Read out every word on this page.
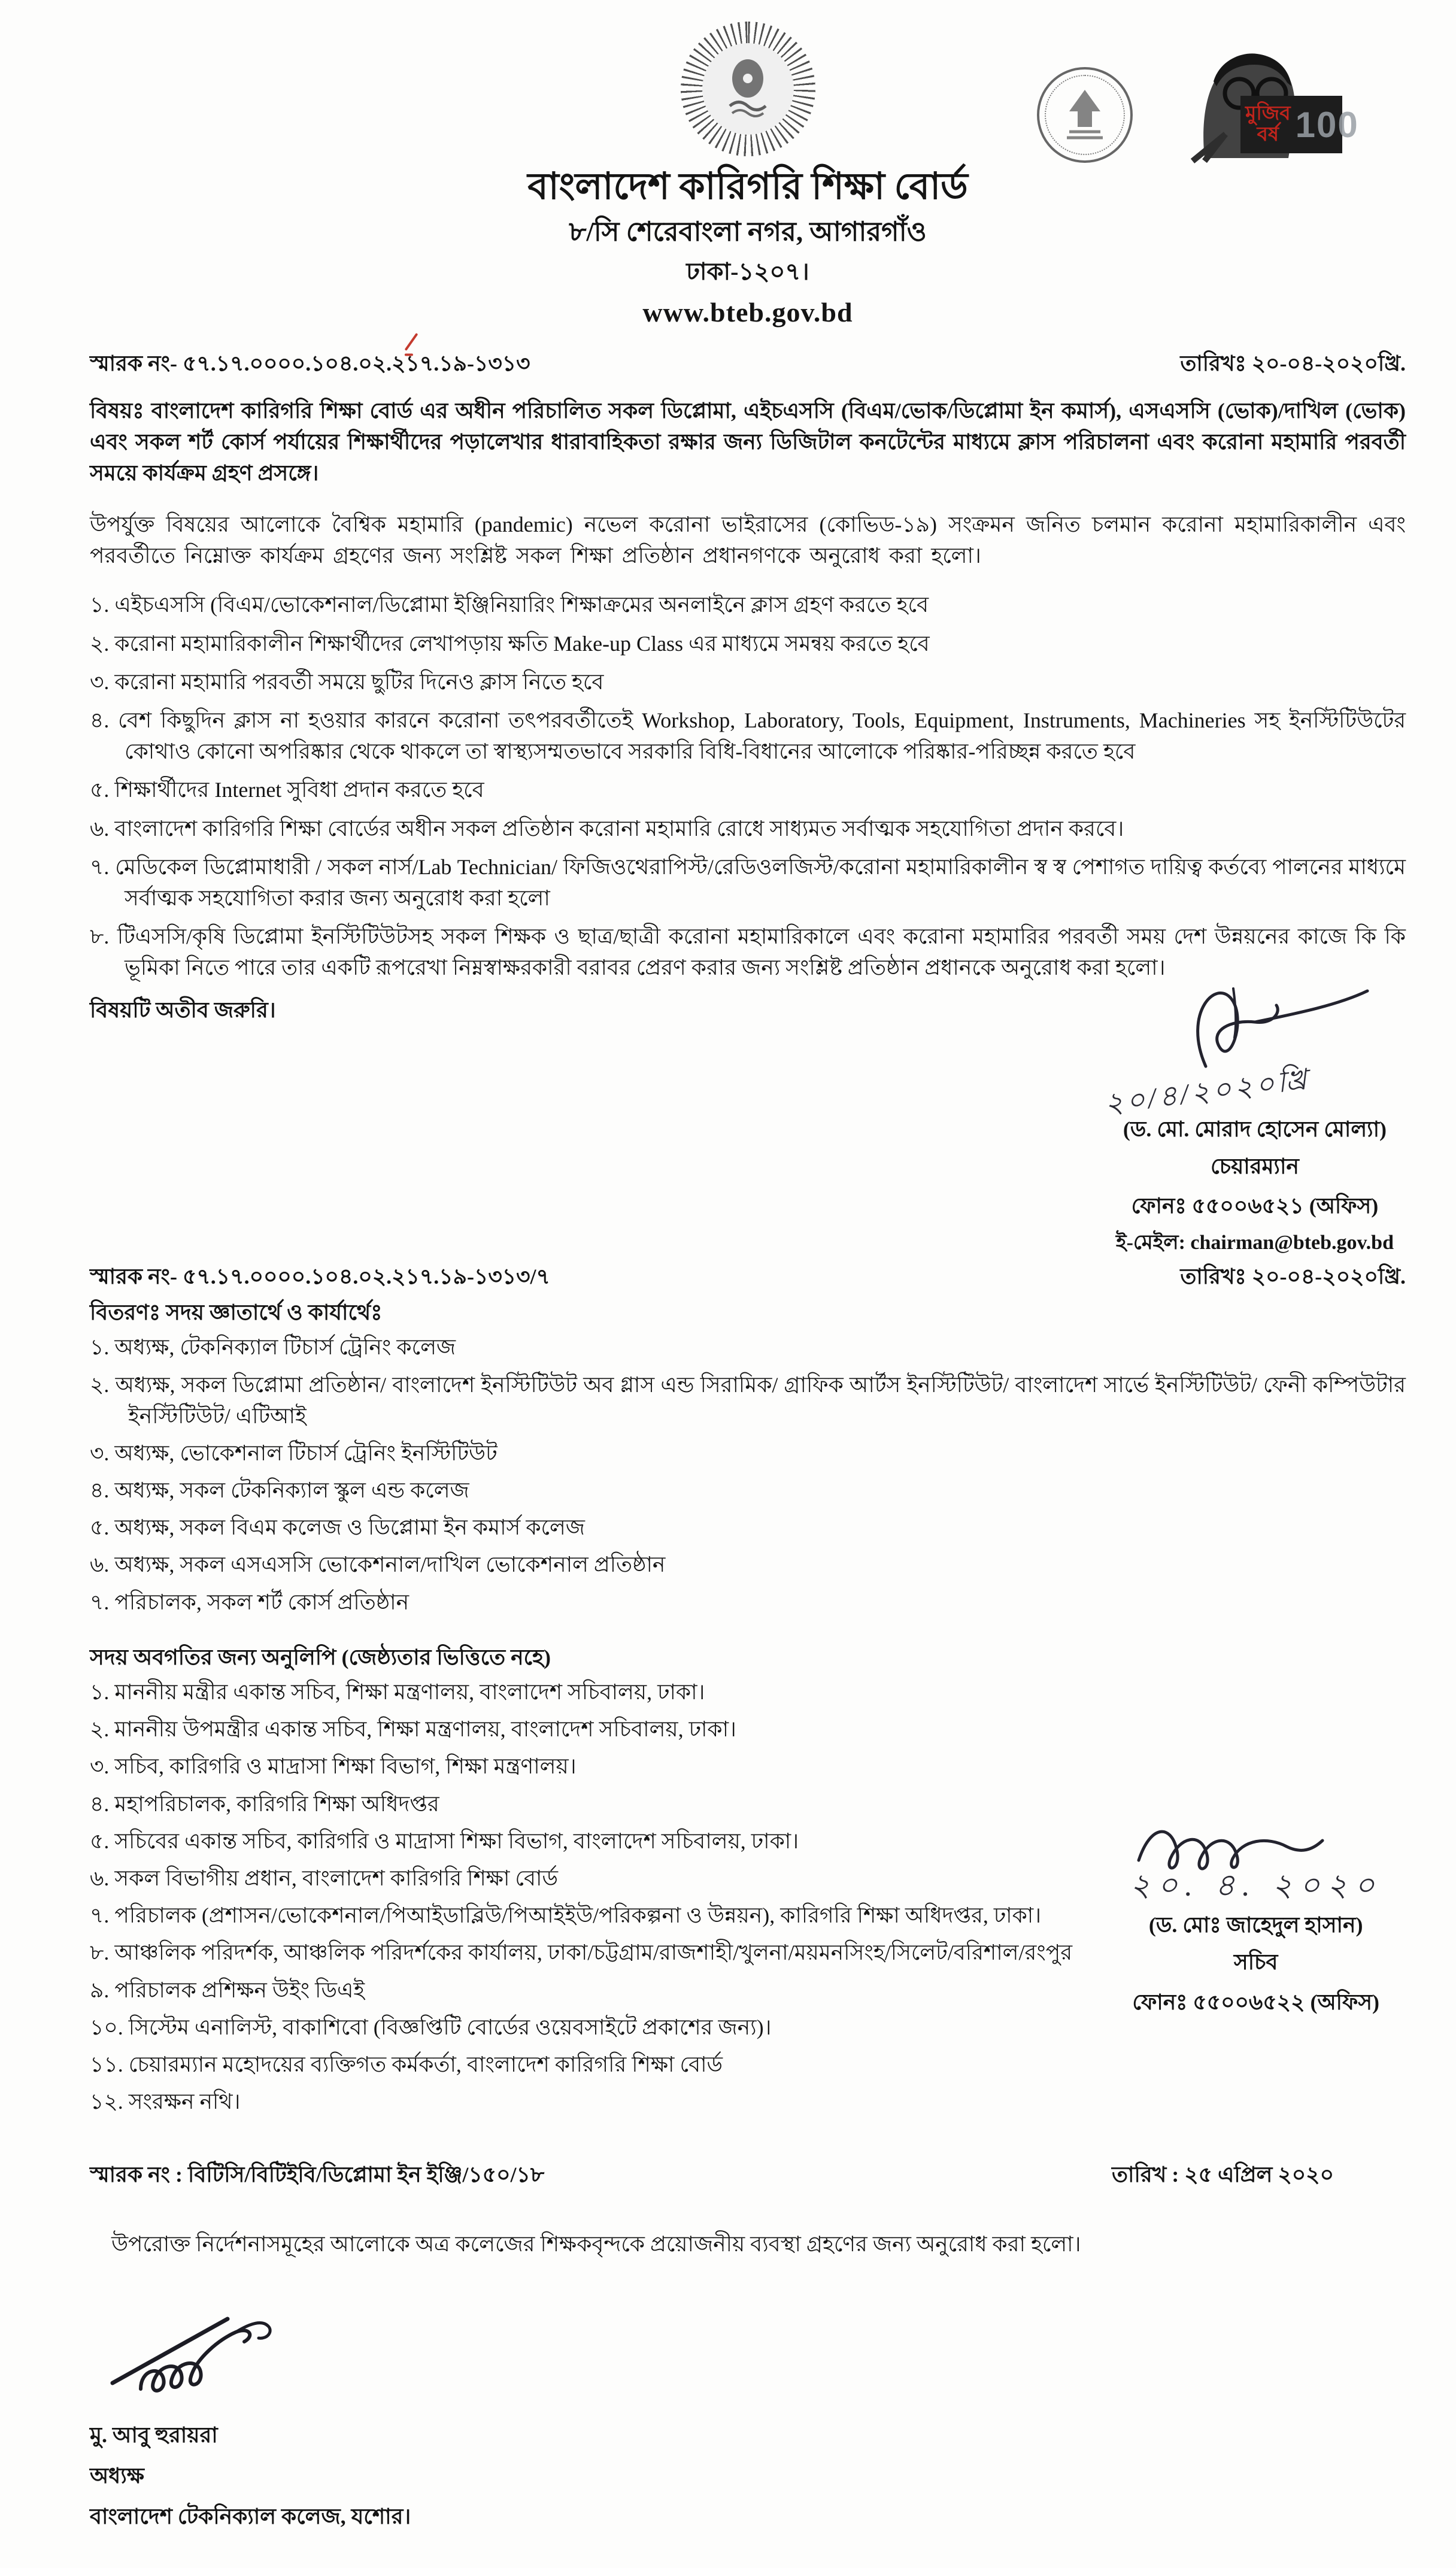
বাংলাদেশ কারিগরি শিক্ষা বোর্ড
৮/সি শেরেবাংলা নগর, আগারগাঁও
ঢাকা-১২০৭।
www.bteb.gov.bd
মুজিব
বর্ষ 100
স্মারক নং- ৫৭.১৭.০০০০.১০৪.০২.২১৭.১৯-১৩১৩	তারিখঃ ২০-০৪-২০২০খ্রি.

বিষয়ঃ বাংলাদেশ কারিগরি শিক্ষা বোর্ড এর অধীন পরিচালিত সকল ডিপ্লোমা, এইচএসসি (বিএম/ভোক/ডিপ্লোমা ইন কমার্স), এসএসসি (ভোক)/দাখিল (ভোক) এবং সকল শর্ট কোর্স পর্যায়ের শিক্ষার্থীদের পড়ালেখার ধারাবাহিকতা রক্ষার জন্য ডিজিটাল কনটেন্টের মাধ্যমে ক্লাস পরিচালনা এবং করোনা মহামারি পরবর্তী সময়ে কার্যক্রম গ্রহণ প্রসঙ্গে।

উপর্যুক্ত বিষয়ের আলোকে বৈশ্বিক মহামারি (pandemic) নভেল করোনা ভাইরাসের (কোভিড-১৯) সংক্রমন জনিত চলমান করোনা মহামারিকালীন এবং পরবর্তীতে নিম্নোক্ত কার্যক্রম গ্রহণের জন্য সংশ্লিষ্ট সকল শিক্ষা প্রতিষ্ঠান প্রধানগণকে অনুরোধ করা হলো।

১. এইচএসসি (বিএম/ভোকেশনাল/ডিপ্লোমা ইঞ্জিনিয়ারিং শিক্ষাক্রমের অনলাইনে ক্লাস গ্রহণ করতে হবে
২. করোনা মহামারিকালীন শিক্ষার্থীদের লেখাপড়ায় ক্ষতি Make-up Class এর মাধ্যমে সমন্বয় করতে হবে
৩. করোনা মহামারি পরবর্তী সময়ে ছুটির দিনেও ক্লাস নিতে হবে
৪. বেশ কিছুদিন ক্লাস না হওয়ার কারনে করোনা তৎপরবর্তীতেই Workshop, Laboratory, Tools, Equipment, Instruments, Machineries সহ ইনস্টিটিউটের কোথাও কোনো অপরিষ্কার থেকে থাকলে তা স্বাস্থ্যসম্মতভাবে সরকারি বিধি-বিধানের আলোকে পরিষ্কার-পরিচ্ছন্ন করতে হবে
৫. শিক্ষার্থীদের Internet সুবিধা প্রদান করতে হবে
৬. বাংলাদেশ কারিগরি শিক্ষা বোর্ডের অধীন সকল প্রতিষ্ঠান করোনা মহামারি রোধে সাধ্যমত সর্বাত্মক সহযোগিতা প্রদান করবে।
৭. মেডিকেল ডিপ্লোমাধারী / সকল নার্স/Lab Technician/ ফিজিওথেরাপিস্ট/রেডিওলজিস্ট/করোনা মহামারিকালীন স্ব স্ব পেশাগত দায়িত্ব কর্তব্যে পালনের মাধ্যমে সর্বাত্মক সহযোগিতা করার জন্য অনুরোধ করা হলো
৮. টিএসসি/কৃষি ডিপ্লোমা ইনস্টিটিউটসহ সকল শিক্ষক ও ছাত্র/ছাত্রী করোনা মহামারিকালে এবং করোনা মহামারির পরবর্তী সময় দেশ উন্নয়নের কাজে কি কি ভূমিকা নিতে পারে তার একটি রূপরেখা নিম্নস্বাক্ষরকারী বরাবর প্রেরণ করার জন্য সংশ্লিষ্ট প্রতিষ্ঠান প্রধানকে অনুরোধ করা হলো।

বিষয়টি অতীব জরুরি।

২০/৪/২০২০খ্রি
(ড. মো. মোরাদ হোসেন মোল্যা)
চেয়ারম্যান
ফোনঃ ৫৫০০৬৫২১ (অফিস)
ই-মেইল: chairman@bteb.gov.bd
স্মারক নং- ৫৭.১৭.০০০০.১০৪.০২.২১৭.১৯-১৩১৩/৭	তারিখঃ ২০-০৪-২০২০খ্রি.

বিতরণঃ সদয় জ্ঞাতার্থে ও কার্যার্থেঃ

১. অধ্যক্ষ, টেকনিক্যাল টিচার্স ট্রেনিং কলেজ
২. অধ্যক্ষ, সকল ডিপ্লোমা প্রতিষ্ঠান/ বাংলাদেশ ইনস্টিটিউট অব গ্লাস এন্ড সিরামিক/ গ্রাফিক আর্টস ইনস্টিটিউট/ বাংলাদেশ সার্ভে ইনস্টিটিউট/ ফেনী কম্পিউটার ইনস্টিটিউট/ এটিআই
৩. অধ্যক্ষ, ভোকেশনাল টিচার্স ট্রেনিং ইনস্টিটিউট
৪. অধ্যক্ষ, সকল টেকনিক্যাল স্কুল এন্ড কলেজ
৫. অধ্যক্ষ, সকল বিএম কলেজ ও ডিপ্লোমা ইন কমার্স কলেজ
৬. অধ্যক্ষ, সকল এসএসসি ভোকেশনাল/দাখিল ভোকেশনাল প্রতিষ্ঠান
৭. পরিচালক, সকল শর্ট কোর্স প্রতিষ্ঠান

সদয় অবগতির জন্য অনুলিপি (জেষ্ঠ্যতার ভিত্তিতে নহে)

১. মাননীয় মন্ত্রীর একান্ত সচিব, শিক্ষা মন্ত্রণালয়, বাংলাদেশ সচিবালয়, ঢাকা।
২. মাননীয় উপমন্ত্রীর একান্ত সচিব, শিক্ষা মন্ত্রণালয়, বাংলাদেশ সচিবালয়, ঢাকা।
৩. সচিব, কারিগরি ও মাদ্রাসা শিক্ষা বিভাগ, শিক্ষা মন্ত্রণালয়।
৪. মহাপরিচালক, কারিগরি শিক্ষা অধিদপ্তর
৫. সচিবের একান্ত সচিব, কারিগরি ও মাদ্রাসা শিক্ষা বিভাগ, বাংলাদেশ সচিবালয়, ঢাকা।
৬. সকল বিভাগীয় প্রধান, বাংলাদেশ কারিগরি শিক্ষা বোর্ড
৭. পরিচালক (প্রশাসন/ভোকেশনাল/পিআইডাব্লিউ/পিআইইউ/পরিকল্পনা ও উন্নয়ন), কারিগরি শিক্ষা অধিদপ্তর, ঢাকা।
৮. আঞ্চলিক পরিদর্শক, আঞ্চলিক পরিদর্শকের কার্যালয়, ঢাকা/চট্টগ্রাম/রাজশাহী/খুলনা/ময়মনসিংহ/সিলেট/বরিশাল/রংপুর
৯. পরিচালক প্রশিক্ষন উইং ডিএই
১০. সিস্টেম এনালিস্ট, বাকাশিবো (বিজ্ঞপ্তিটি বোর্ডের ওয়েবসাইটে প্রকাশের জন্য)।
১১. চেয়ারম্যান মহোদয়ের ব্যক্তিগত কর্মকর্তা, বাংলাদেশ কারিগরি শিক্ষা বোর্ড
১২. সংরক্ষন নথি।
২০. ৪. ২০২০
(ড. মোঃ জাহেদুল হাসান)
সচিব
ফোনঃ ৫৫০০৬৫২২ (অফিস)
স্মারক নং : বিটিসি/বিটিইবি/ডিপ্লোমা ইন ইঞ্জি/১৫০/১৮	তারিখ : ২৫ এপ্রিল ২০২০

উপরোক্ত নির্দেশনাসমূহের আলোকে অত্র কলেজের শিক্ষকবৃন্দকে প্রয়োজনীয় ব্যবস্থা গ্রহণের জন্য অনুরোধ করা হলো।

মু. আবু হুরায়রা
অধ্যক্ষ
বাংলাদেশ টেকনিক্যাল কলেজ, যশোর।
